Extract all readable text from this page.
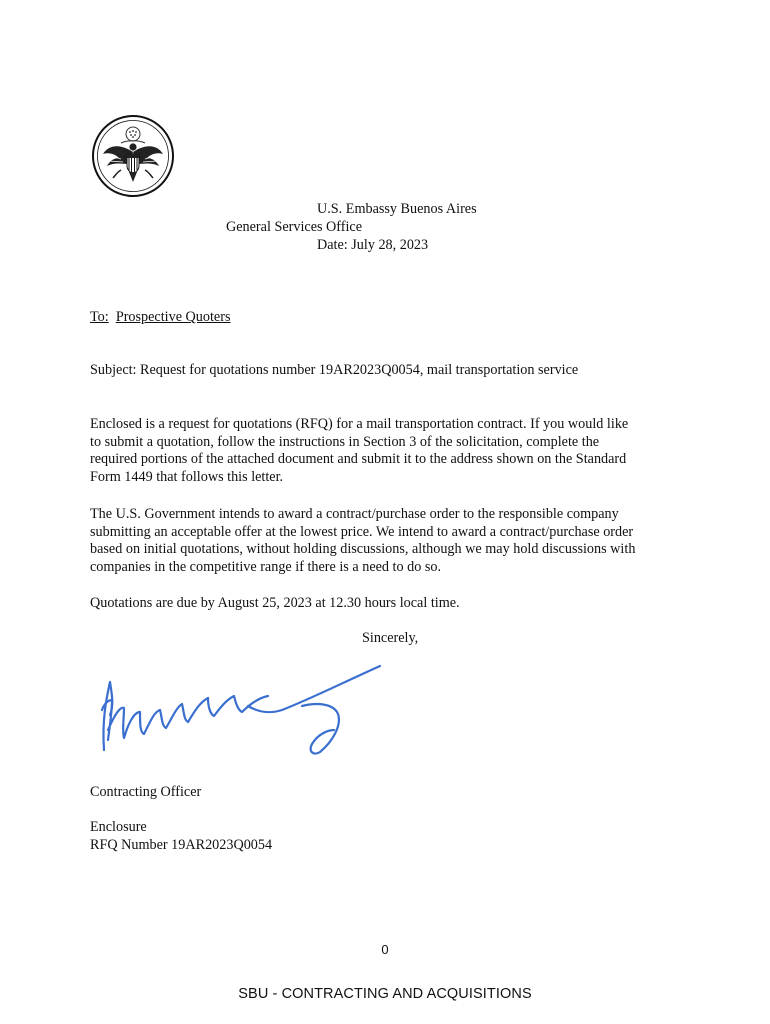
U.S. Embassy Buenos Aires
General Services Office
Date: July 28, 2023
To: Prospective Quoters
Subject: Request for quotations number 19AR2023Q0054, mail transportation service
Enclosed is a request for quotations (RFQ) for a mail transportation contract. If you would like
to submit a quotation, follow the instructions in Section 3 of the solicitation, complete the
required portions of the attached document and submit it to the address shown on the Standard
Form 1449 that follows this letter.
The U.S. Government intends to award a contract/purchase order to the responsible company
submitting an acceptable offer at the lowest price. We intend to award a contract/purchase order
based on initial quotations, without holding discussions, although we may hold discussions with
companies in the competitive range if there is a need to do so.
Quotations are due by August 25, 2023 at 12.30 hours local time.
Sincerely,
Contracting Officer
Enclosure
RFQ Number 19AR2023Q0054
0
SBU - CONTRACTING AND ACQUISITIONS
